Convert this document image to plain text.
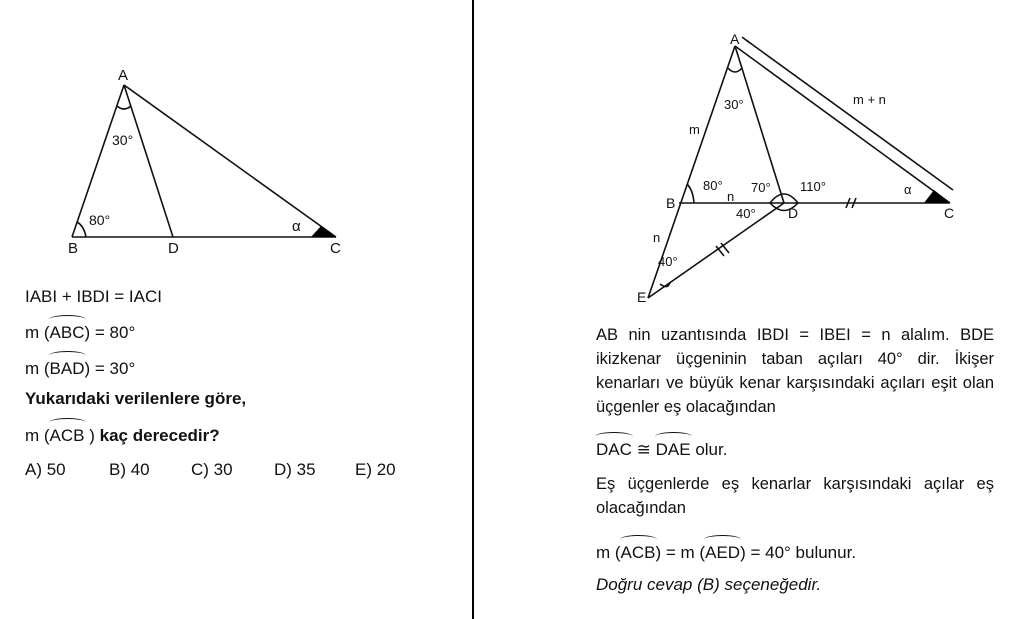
A
B	C
D
30°
80°	α
IABI + IBDI = IACI
m (ABC) = 80°
m (BAD) = 30°
Yukarıdaki verilenlere göre,
m (ACB ) kaç derecedir?
A) 50	B) 40 C) 30 D) 35 E) 20
A
B
C
D
E
30°
80° 70° 110°
40°
40°
m
n
n
m + n
α
AB nin uzantısında IBDI = IBEI = n alalım. BDE ikizkenar üçgeninin taban açıları 40° dir. İkişer kenarları ve büyük kenar karşısındaki açıları eşit olan üçgenler eş olacağından
DAC ≅ DAE olur.
Eş üçgenlerde eş kenarlar karşısındaki açılar eş olacağından
m (ACB) = m (AED) = 40° bulunur.
Doğru cevap (B) seçeneğedir.
